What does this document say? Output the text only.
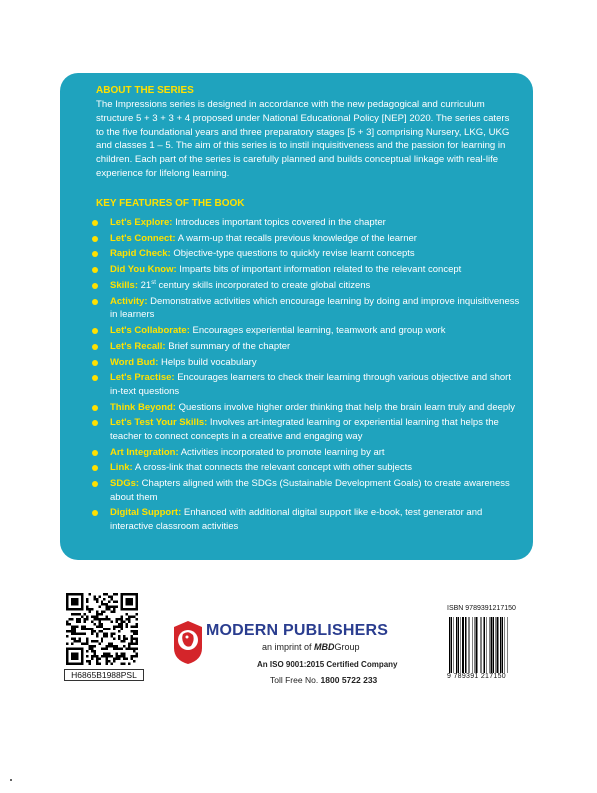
ABOUT THE SERIES

The Impressions series is designed in accordance with the new pedagogical and curriculum structure 5 + 3 + 3 + 4 proposed under National Educational Policy [NEP] 2020. The series caters to the five foundational years and three preparatory stages [5 + 3] comprising Nursery, LKG, UKG and classes 1 – 5. The aim of this series is to instil inquisitiveness and the passion for learning in children. Each part of the series is carefully planned and builds conceptual linkage with real-life experience for lifelong learning.

KEY FEATURES OF THE BOOK
Let's Explore: Introduces important topics covered in the chapter
Let's Connect: A warm-up that recalls previous knowledge of the learner
Rapid Check: Objective-type questions to quickly revise learnt concepts
Did You Know: Imparts bits of important information related to the relevant concept
Skills: 21st century skills incorporated to create global citizens
Activity: Demonstrative activities which encourage learning by doing and improve inquisitiveness in learners
Let's Collaborate: Encourages experiential learning, teamwork and group work
Let's Recall: Brief summary of the chapter
Word Bud: Helps build vocabulary
Let's Practise: Encourages learners to check their learning through various objective and short in-text questions
Think Beyond: Questions involve higher order thinking that help the brain learn truly and deeply
Let's Test Your Skills: Involves art-integrated learning or experiential learning that helps the teacher to connect concepts in a creative and engaging way
Art Integration: Activities incorporated to promote learning by art
Link: A cross-link that connects the relevant concept with other subjects
SDGs: Chapters aligned with the SDGs (Sustainable Development Goals) to create awareness about them
Digital Support: Enhanced with additional digital support like e-book, test generator and interactive classroom activities
H6865B1988PSL
MODERN PUBLISHERS
an imprint of MBDGroup
An ISO 9001:2015 Certified Company
Toll Free No. 1800 5722 233
ISBN 9789391217150
9 789391 217150
